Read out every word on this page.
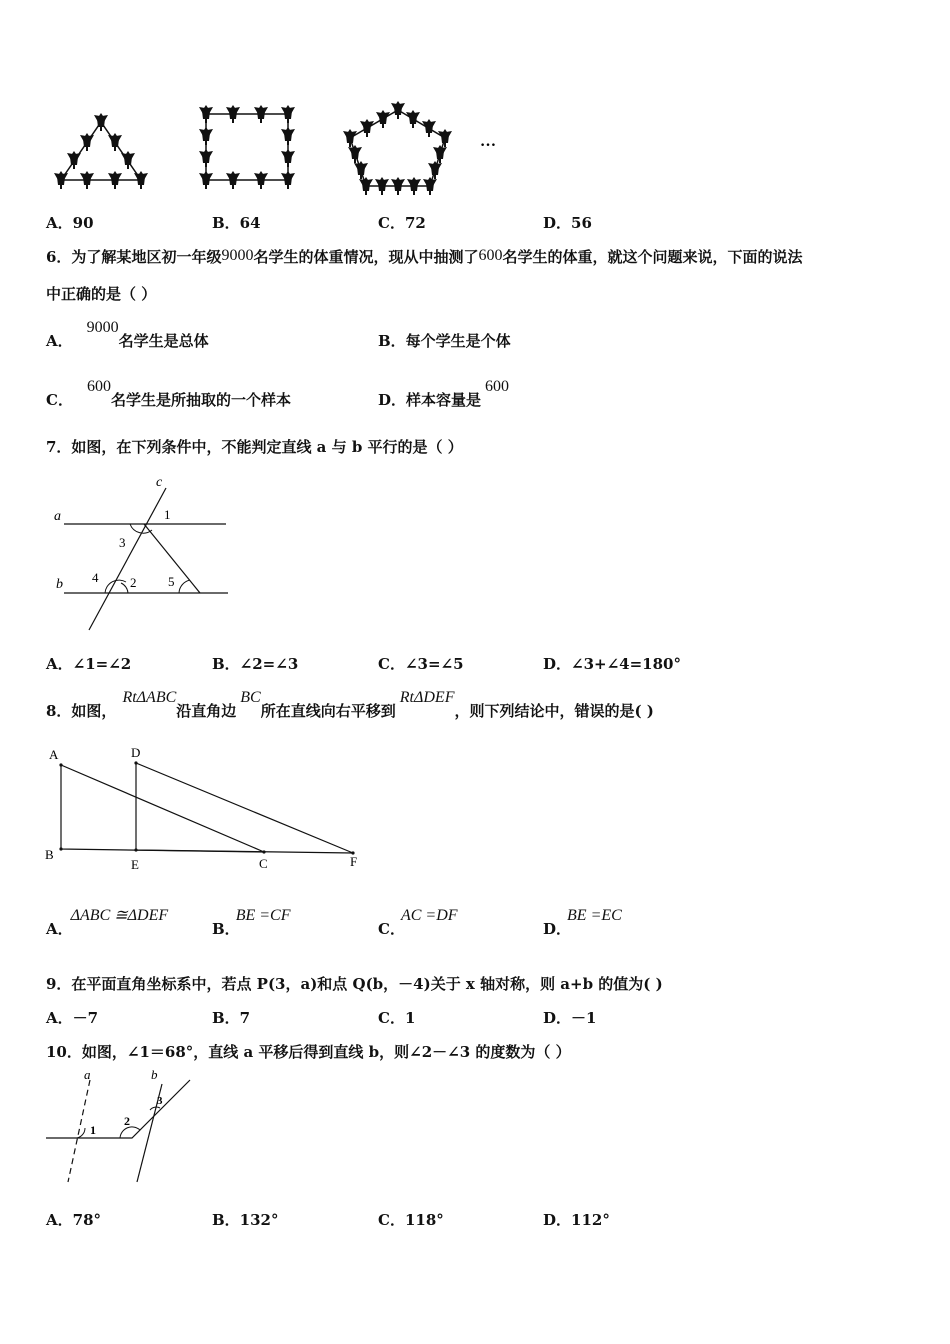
…
A．90	B．64	C．72	D．56
6．为了解某地区初一年级9000名学生的体重情况，现从中抽测了600名学生的体重，就这个问题来说，下面的说法
中正确的是（ ）
A．9000名学生是总体	B．每个学生是个体
C．600名学生是所抽取的一个样本	D．样本容量是600
7．如图，在下列条件中，不能判定直线 a 与 b 平行的是（ ）
a
b
c
1
3
4 2 5
A．∠1=∠2	B．∠2=∠3	C．∠3=∠5	D．∠3+∠4=180°
8．如图，RtΔABC沿直角边BC所在直线向右平移到RtΔDEF，则下列结论中，错误的是( )
A	D
B
E	C	F
A．ΔABC ≅ΔDEF
B．BE =CF
C．AC =DF
D．BE =EC
9．在平面直角坐标系中，若点 P(3，a)和点 Q(b，－4)关于 x 轴对称，则 a+b 的值为( )
A．－7	B．7	C．1	D．－1
10．如图，∠1＝68°，直线 a 平移后得到直线 b，则∠2－∠3 的度数为（ ）
a	b
1
2
3
A．78°	B．132°	C．118°	D．112°
